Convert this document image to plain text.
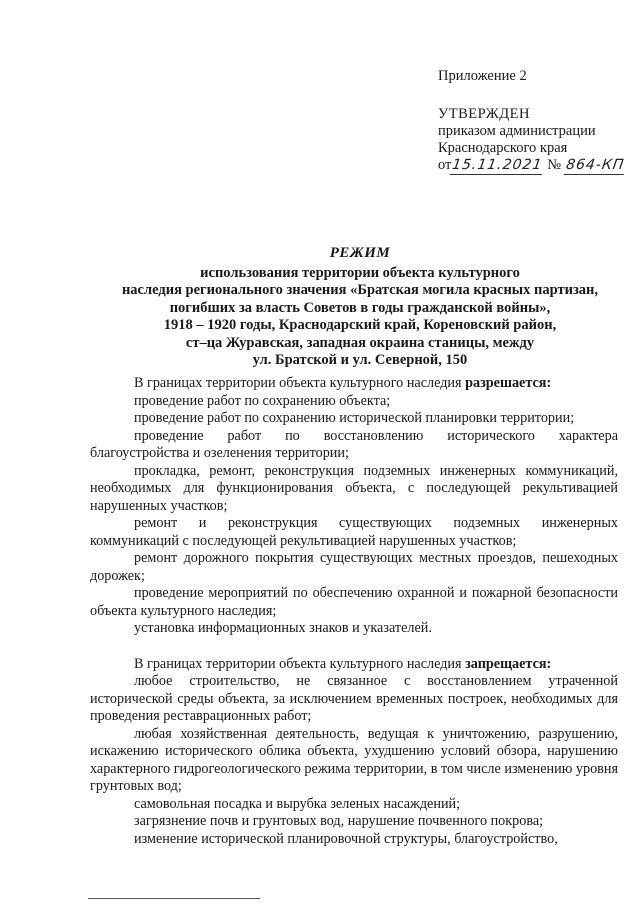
Приложение 2
УТВЕРЖДЕН
приказом администрации
Краснодарского края
от15.11.2021 № 864-КП
РЕЖИМ
использования территории объекта культурного
наследия регионального значения «Братская могила красных партизан,
погибших за власть Советов в годы гражданской войны»,
1918 – 1920 годы, Краснодарский край, Кореновский район,
ст–ца Журавская, западная окраина станицы, между
ул. Братской и ул. Северной, 150

В границах территории объекта культурного наследия разрешается:

проведение работ по сохранению объекта;

проведение работ по сохранению исторической планировки территории;

проведение работ по восстановлению исторического характера благоустройства и озеленения территории;

прокладка, ремонт, реконструкция подземных инженерных коммуникаций, необходимых для функционирования объекта, с последующей рекультивацией нарушенных участков;

ремонт и реконструкция существующих подземных инженерных коммуникаций с последующей рекультивацией нарушенных участков;

ремонт дорожного покрытия существующих местных проездов, пешеходных дорожек;

проведение мероприятий по обеспечению охранной и пожарной безопасности объекта культурного наследия;

установка информационных знаков и указателей.

В границах территории объекта культурного наследия запрещается:

любое строительство, не связанное с восстановлением утраченной исторической среды объекта, за исключением временных построек, необходимых для проведения реставрационных работ;

любая хозяйственная деятельность, ведущая к уничтожению, разрушению, искажению исторического облика объекта, ухудшению условий обзора, нарушению характерного гидрогеологического режима территории, в том числе изменению уровня грунтовых вод;

самовольная посадка и вырубка зеленых насаждений;

загрязнение почв и грунтовых вод, нарушение почвенного покрова;

изменение исторической планировочной структуры, благоустройство,
